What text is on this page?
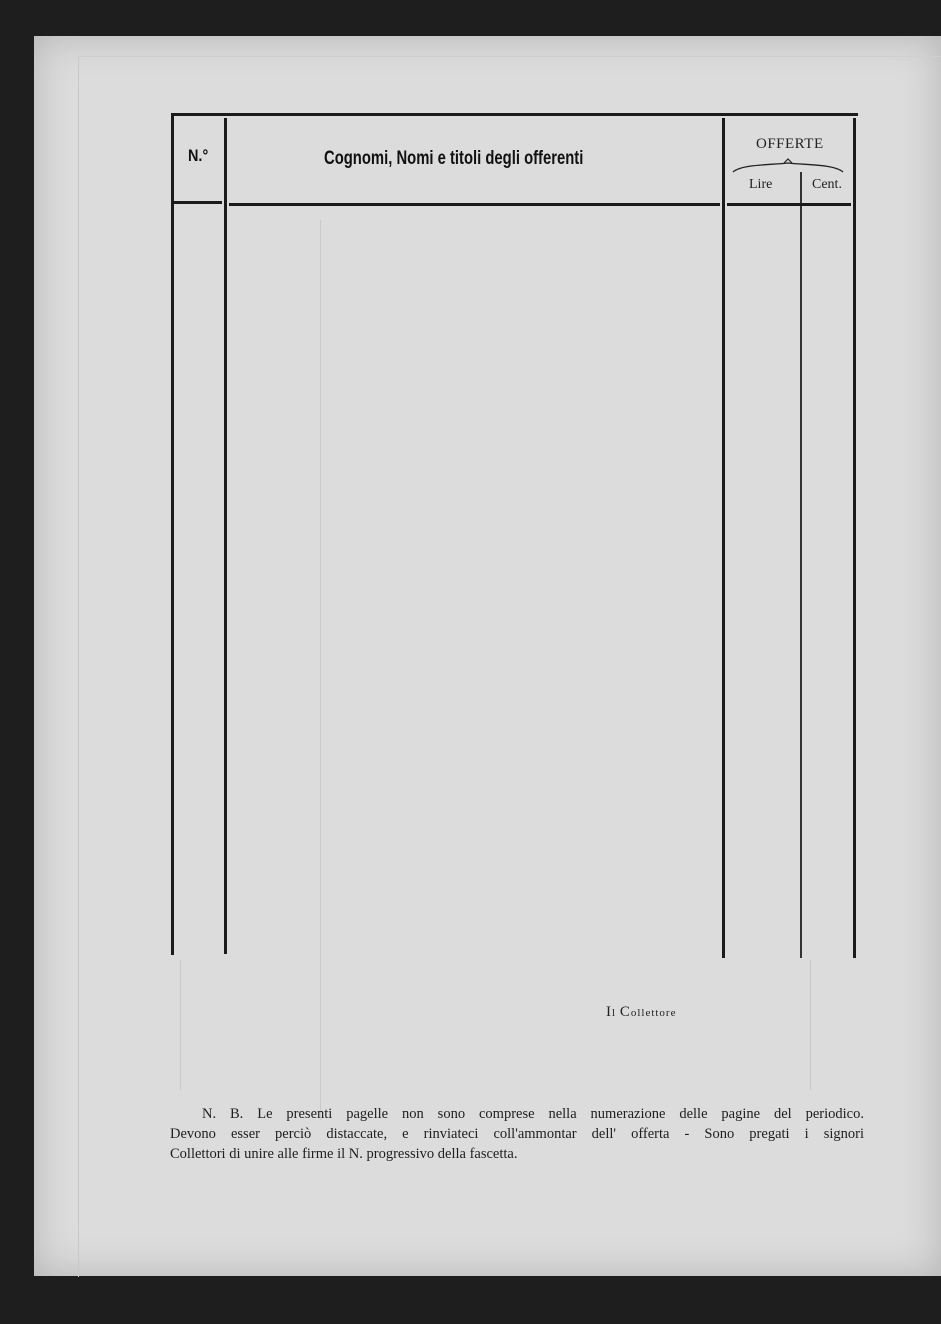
N.°	Cognomi, Nomi e titoli degli offerenti
OFFERTE
Lire	Cent.
Il Collettore
N. B. Le presenti pagelle non sono comprese nella numerazione delle pagine del periodico.
Devono esser perciò distaccate, e rinviateci coll'ammontar dell' offerta - Sono pregati i signori
Collettori di unire alle firme il N. progressivo della fascetta.
